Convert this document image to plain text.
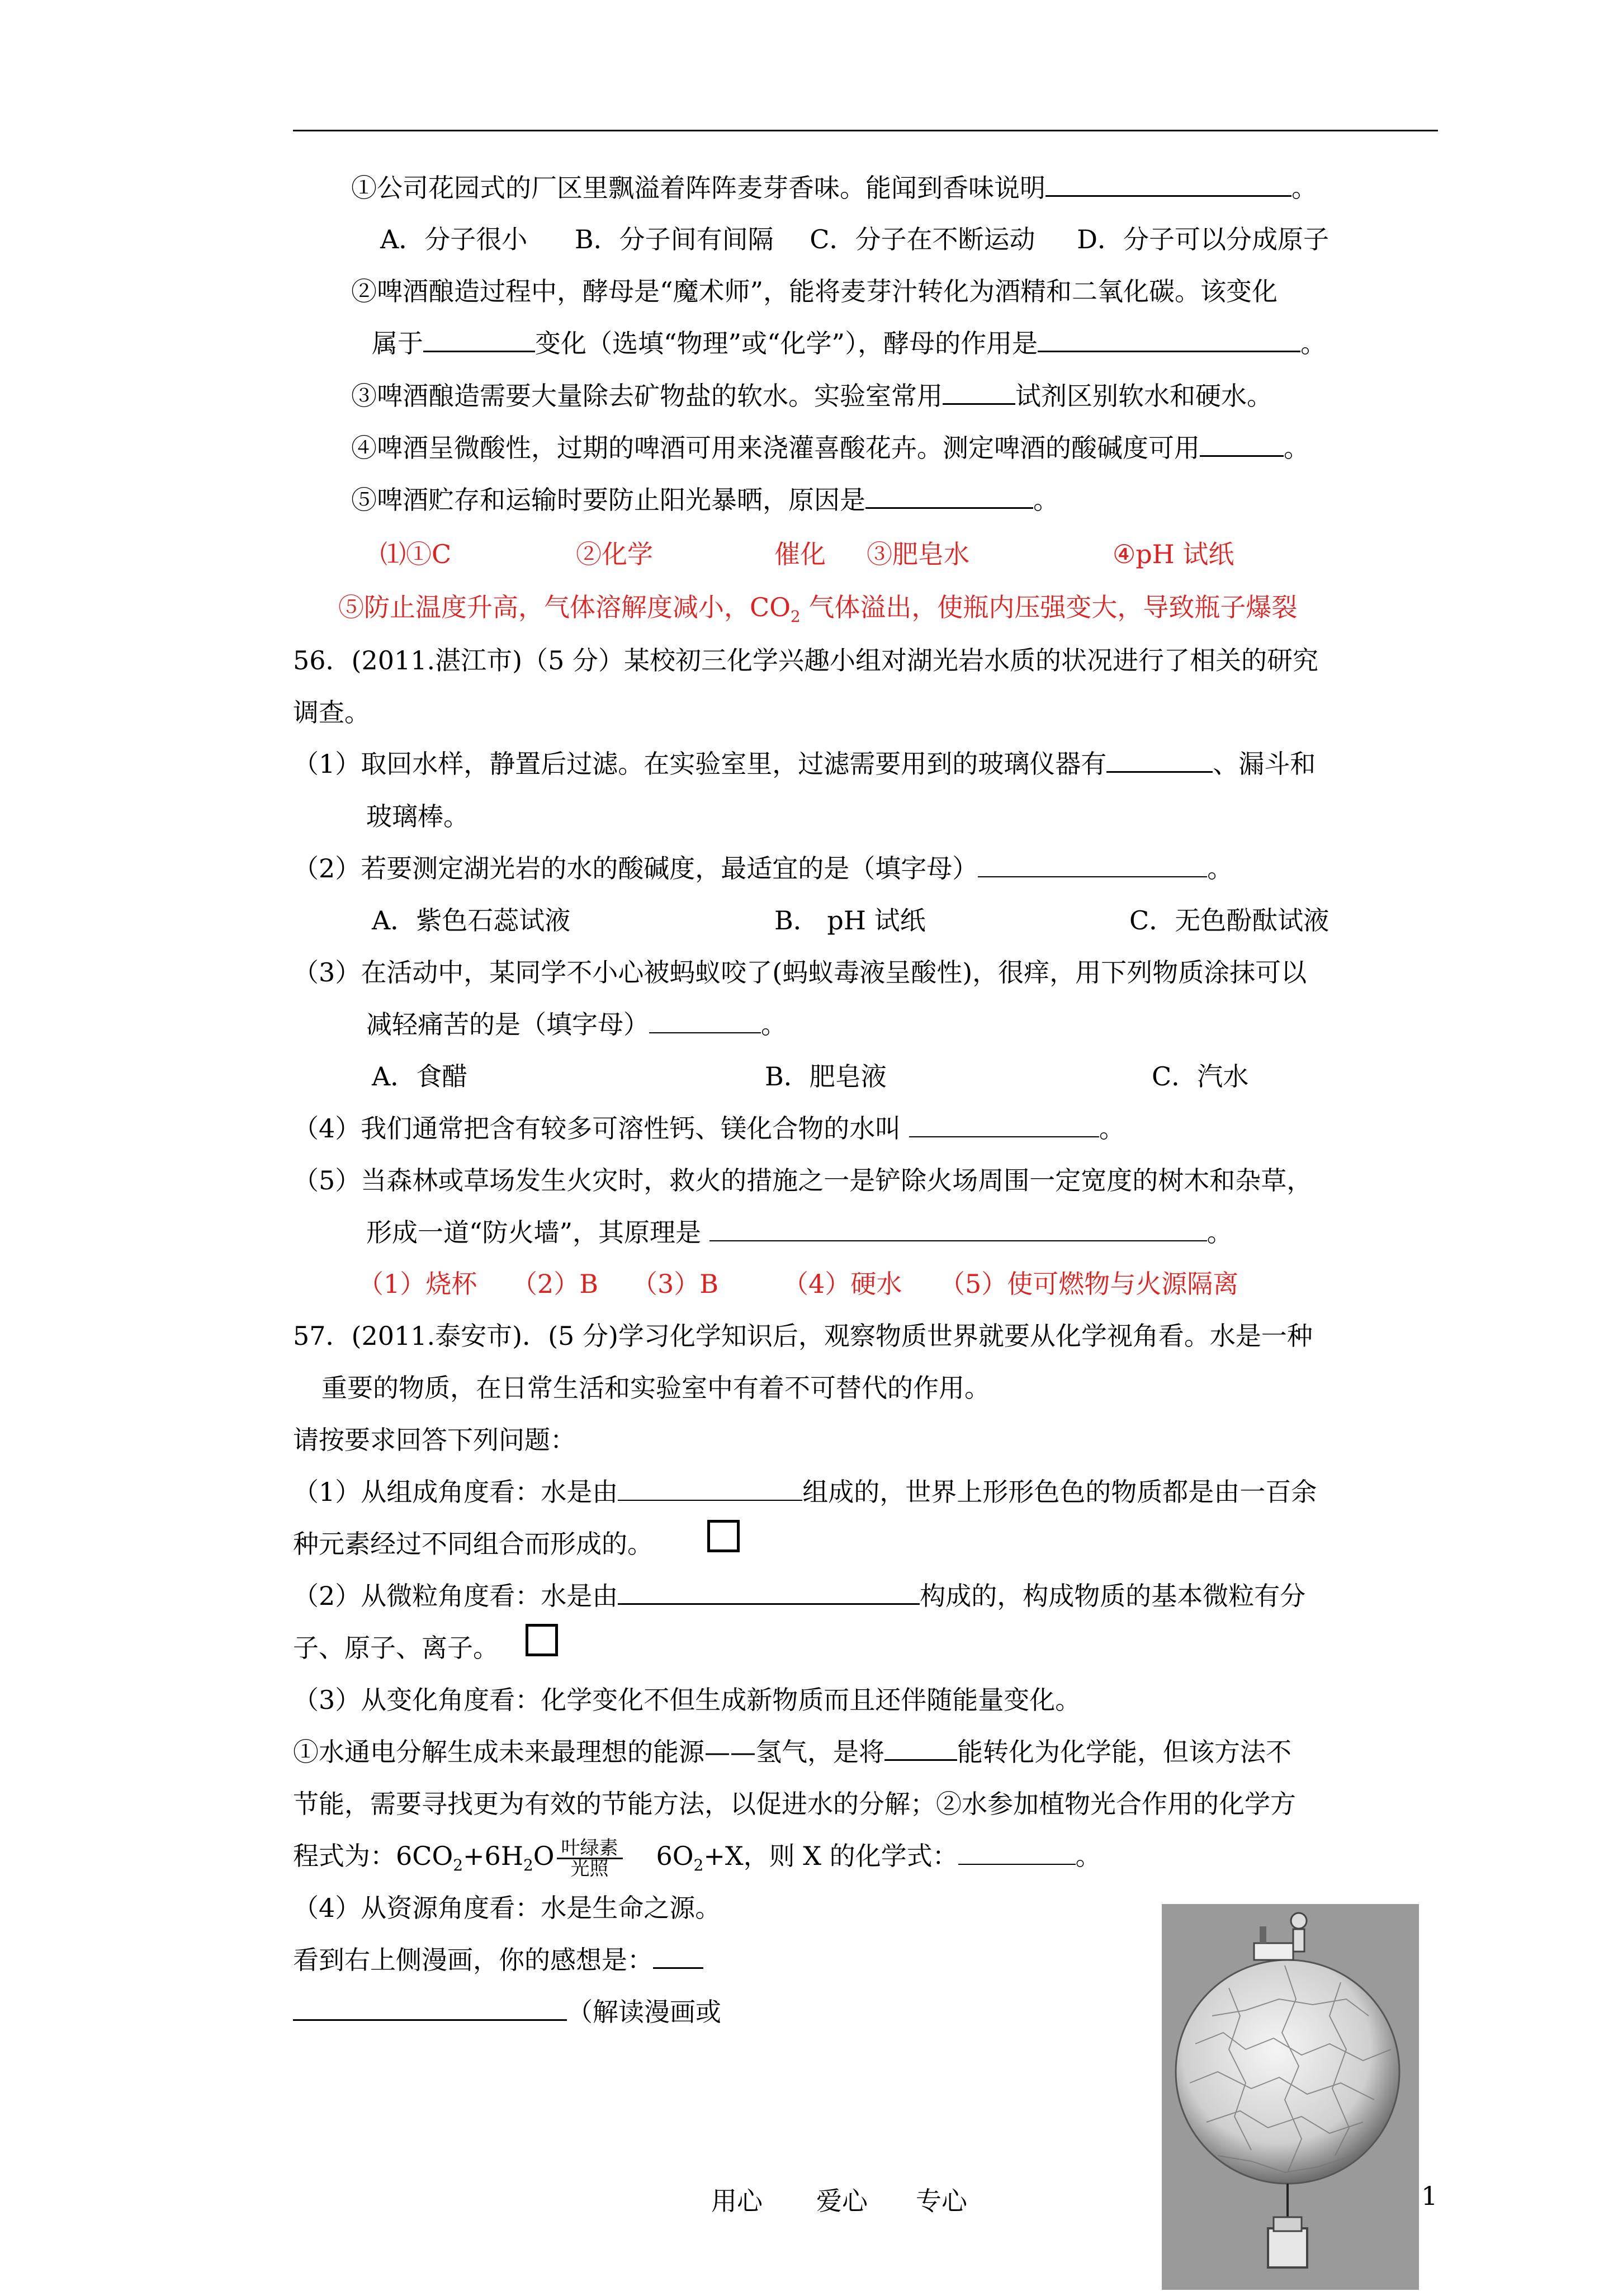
①公司花园式的厂区里飘溢着阵阵麦芽香味。能闻到香味说明	。
A．分子很小 B．分子间有间隔 C．分子在不断运动 D．分子可以分成原子
②啤酒酿造过程中，酵母是“魔术师”，能将麦芽汁转化为酒精和二氧化碳。该变化
属于	变化（选填“物理”或“化学”），酵母的作用是	。
③啤酒酿造需要大量除去矿物盐的软水。实验室常用	试剂区别软水和硬水。
④啤酒呈微酸性，过期的啤酒可用来浇灌喜酸花卉。测定啤酒的酸碱度可用	。
⑤啤酒贮存和运输时要防止阳光暴晒，原因是	。
⑴①C	②化学	催化 ③肥皂水	④pH 试纸
⑤防止温度升高，气体溶解度减小，$CO_2$ 气体溢出，使瓶内压强变大，导致瓶子爆裂
56．(2011.湛江市)（5 分）某校初三化学兴趣小组对湖光岩水质的状况进行了相关的研究
调查。
（1）取回水样，静置后过滤。在实验室里，过滤需要用到的玻璃仪器有	、漏斗和
玻璃棒。
（2）若要测定湖光岩的水的酸碱度，最适宜的是（填字母）	。
A．紫色石蕊试液	B． pH 试纸	C．无色酚酞试液
（3）在活动中，某同学不小心被蚂蚁咬了(蚂蚁毒液呈酸性)，很痒，用下列物质涂抹可以
减轻痛苦的是（填字母）	。
A．食醋	B．肥皂液	C．汽水
（4）我们通常把含有较多可溶性钙、镁化合物的水叫	。
（5）当森林或草场发生火灾时，救火的措施之一是铲除火场周围一定宽度的树木和杂草，
形成一道“防火墙”，其原理是	。
（1）烧杯 （2）B （3）B （4）硬水 （5）使可燃物与火源隔离
57．(2011.泰安市)．(5 分)学习化学知识后，观察物质世界就要从化学视角看。水是一种
重要的物质，在日常生活和实验室中有着不可替代的作用。
请按要求回答下列问题：
（1）从组成角度看：水是由	组成的，世界上形形色色的物质都是由一百余
种元素经过不同组合而形成的。
（2）从微粒角度看：水是由	构成的，构成物质的基本微粒有分
子、原子、离子。
（3）从变化角度看：化学变化不但生成新物质而且还伴随能量变化。
①水通电分解生成未来最理想的能源——氢气，是将	能转化为化学能，但该方法不
节能，需要寻找更为有效的节能方法，以促进水的分解；②水参加植物光合作用的化学方
程式为：$6CO_2+6H_2O \frac{\text{叶绿素}}{\text{光照}} 6O_2+X$，则 X 的化学式：	。
（4）从资源角度看：水是生命之源。
看到右上侧漫画，你的感想是：
（解读漫画或
用心 爱心 专心	1
